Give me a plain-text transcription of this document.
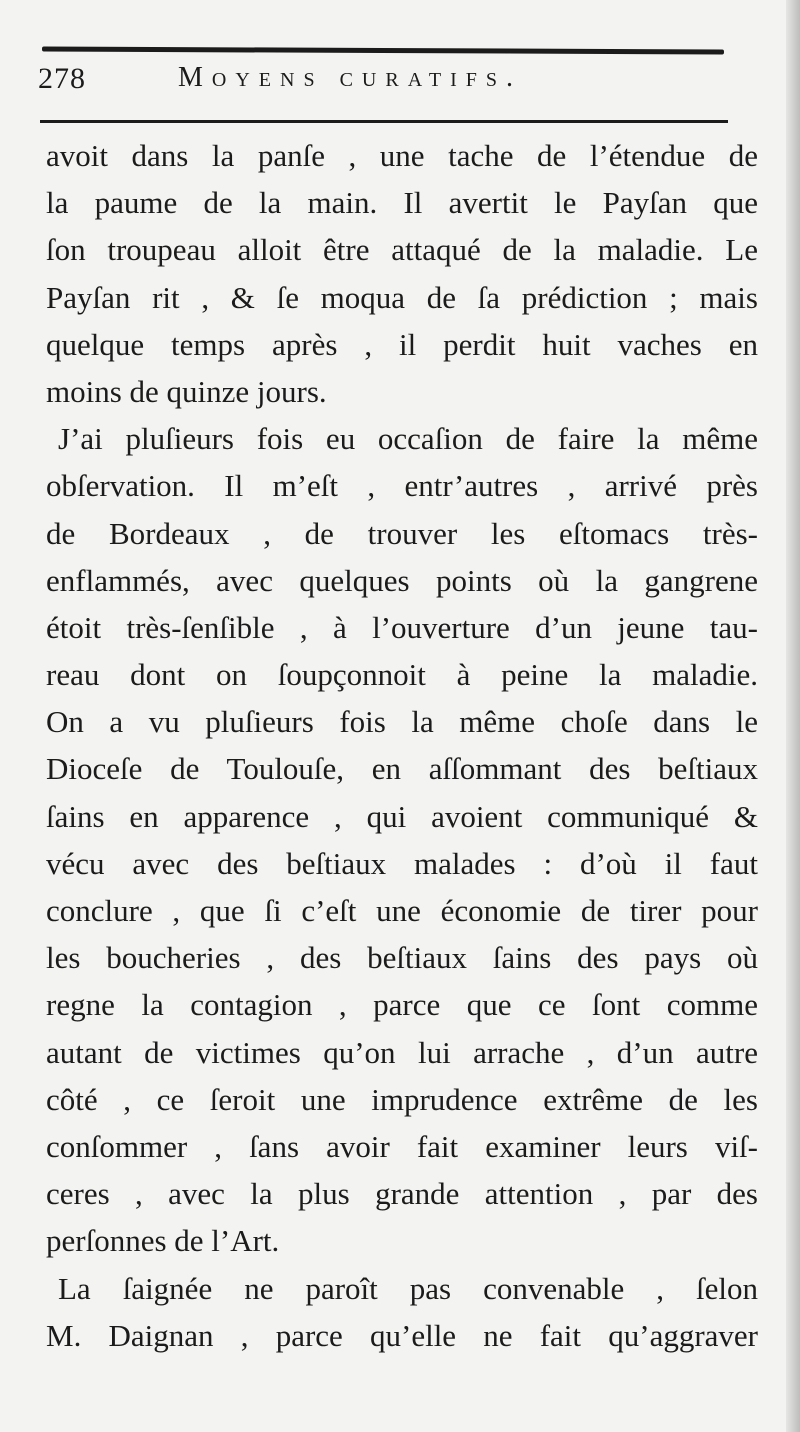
278	Moyens curatifs.
avoit dans la panſe , une tache de l’étendue de
la paume de la main. Il avertit le Payſan que
ſon troupeau alloit être attaqué de la maladie. Le
Payſan rit , & ſe moqua de ſa prédiction ; mais
quelque temps après , il perdit huit vaches en
moins de quinze jours.
J’ai pluſieurs fois eu occaſion de faire la même
obſervation. Il m’eſt , entr’autres , arrivé près
de Bordeaux , de trouver les eſtomacs très-
enflammés, avec quelques points où la gangrene
étoit très-ſenſible , à l’ouverture d’un jeune tau-
reau dont on ſoupçonnoit à peine la maladie.
On a vu pluſieurs fois la même choſe dans le
Dioceſe de Toulouſe, en aſſommant des beſtiaux
ſains en apparence , qui avoient communiqué &
vécu avec des beſtiaux malades : d’où il faut
conclure , que ſi c’eſt une économie de tirer pour
les boucheries , des beſtiaux ſains des pays où
regne la contagion , parce que ce ſont comme
autant de victimes qu’on lui arrache , d’un autre
côté , ce ſeroit une imprudence extrême de les
conſommer , ſans avoir fait examiner leurs viſ-
ceres , avec la plus grande attention , par des
perſonnes de l’Art.
La ſaignée ne paroît pas convenable , ſelon
M. Daignan , parce qu’elle ne fait qu’aggraver
